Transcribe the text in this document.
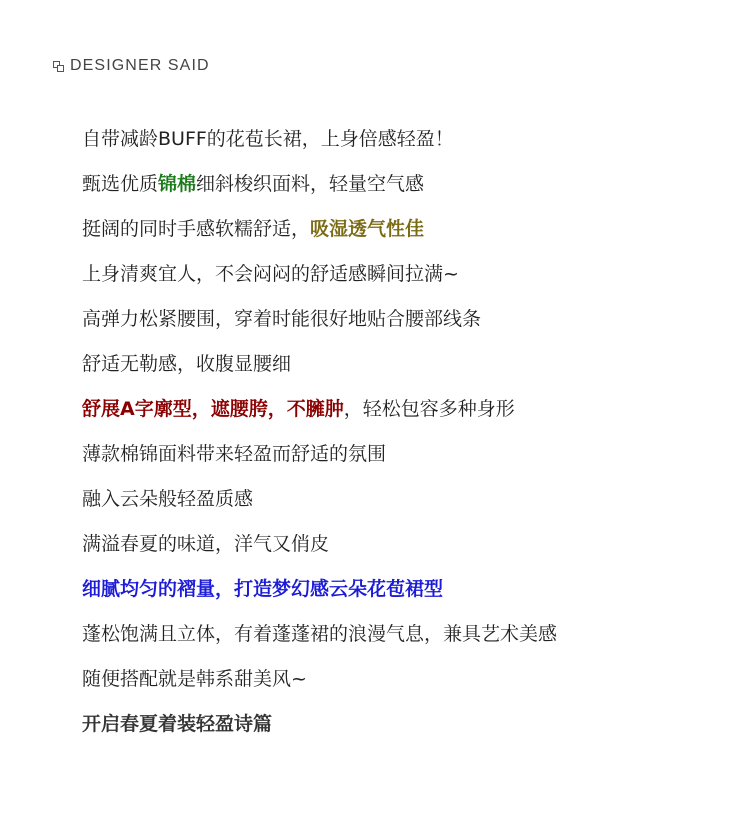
DESIGNER SAID
自带减龄BUFF的花苞长裙，上身倍感轻盈！
甄选优质锦棉细斜梭织面料，轻量空气感
挺阔的同时手感软糯舒适，吸湿透气性佳
上身清爽宜人，不会闷闷的舒适感瞬间拉满~
高弹力松紧腰围，穿着时能很好地贴合腰部线条
舒适无勒感，收腹显腰细
舒展A字廓型，遮腰胯，不臃肿，轻松包容多种身形
薄款棉锦面料带来轻盈而舒适的氛围
融入云朵般轻盈质感
满溢春夏的味道，洋气又俏皮
细腻均匀的褶量，打造梦幻感云朵花苞裙型
蓬松饱满且立体，有着蓬蓬裙的浪漫气息，兼具艺术美感
随便搭配就是韩系甜美风~
开启春夏着装轻盈诗篇
